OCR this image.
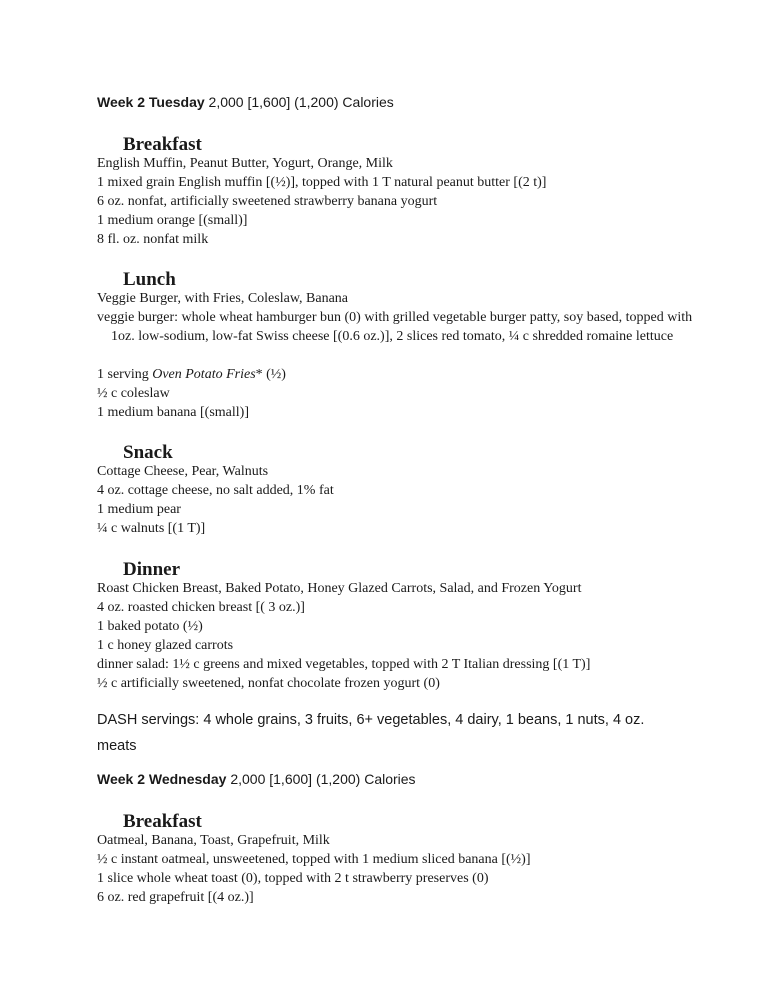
Week 2 Tuesday 2,000 [1,600] (1,200) Calories
Breakfast
English Muffin, Peanut Butter, Yogurt, Orange, Milk
1 mixed grain English muffin [(½)], topped with 1 T natural peanut butter [(2 t)]
6 oz. nonfat, artificially sweetened strawberry banana yogurt
1 medium orange [(small)]
8 fl. oz. nonfat milk
Lunch
Veggie Burger, with Fries, Coleslaw, Banana
veggie burger: whole wheat hamburger bun (0) with grilled vegetable burger patty, soy based, topped with 1oz. low-sodium, low-fat Swiss cheese [(0.6 oz.)], 2 slices red tomato, ¼ c shredded romaine lettuce
1 serving Oven Potato Fries* (½)
½ c coleslaw
1 medium banana [(small)]
Snack
Cottage Cheese, Pear, Walnuts
4 oz. cottage cheese, no salt added, 1% fat
1 medium pear
¼ c walnuts [(1 T)]
Dinner
Roast Chicken Breast, Baked Potato, Honey Glazed Carrots, Salad, and Frozen Yogurt
4 oz. roasted chicken breast [( 3 oz.)]
1 baked potato (½)
1 c honey glazed carrots
dinner salad: 1½ c greens and mixed vegetables, topped with 2 T Italian dressing [(1 T)]
½ c artificially sweetened, nonfat chocolate frozen yogurt (0)
DASH servings: 4 whole grains, 3 fruits, 6+ vegetables, 4 dairy, 1 beans, 1 nuts, 4 oz. meats
Week 2 Wednesday 2,000 [1,600] (1,200) Calories
Breakfast
Oatmeal, Banana, Toast, Grapefruit, Milk
½ c instant oatmeal, unsweetened, topped with 1 medium sliced banana [(½)]
1 slice whole wheat toast (0), topped with 2 t strawberry preserves (0)
6 oz. red grapefruit [(4 oz.)]
